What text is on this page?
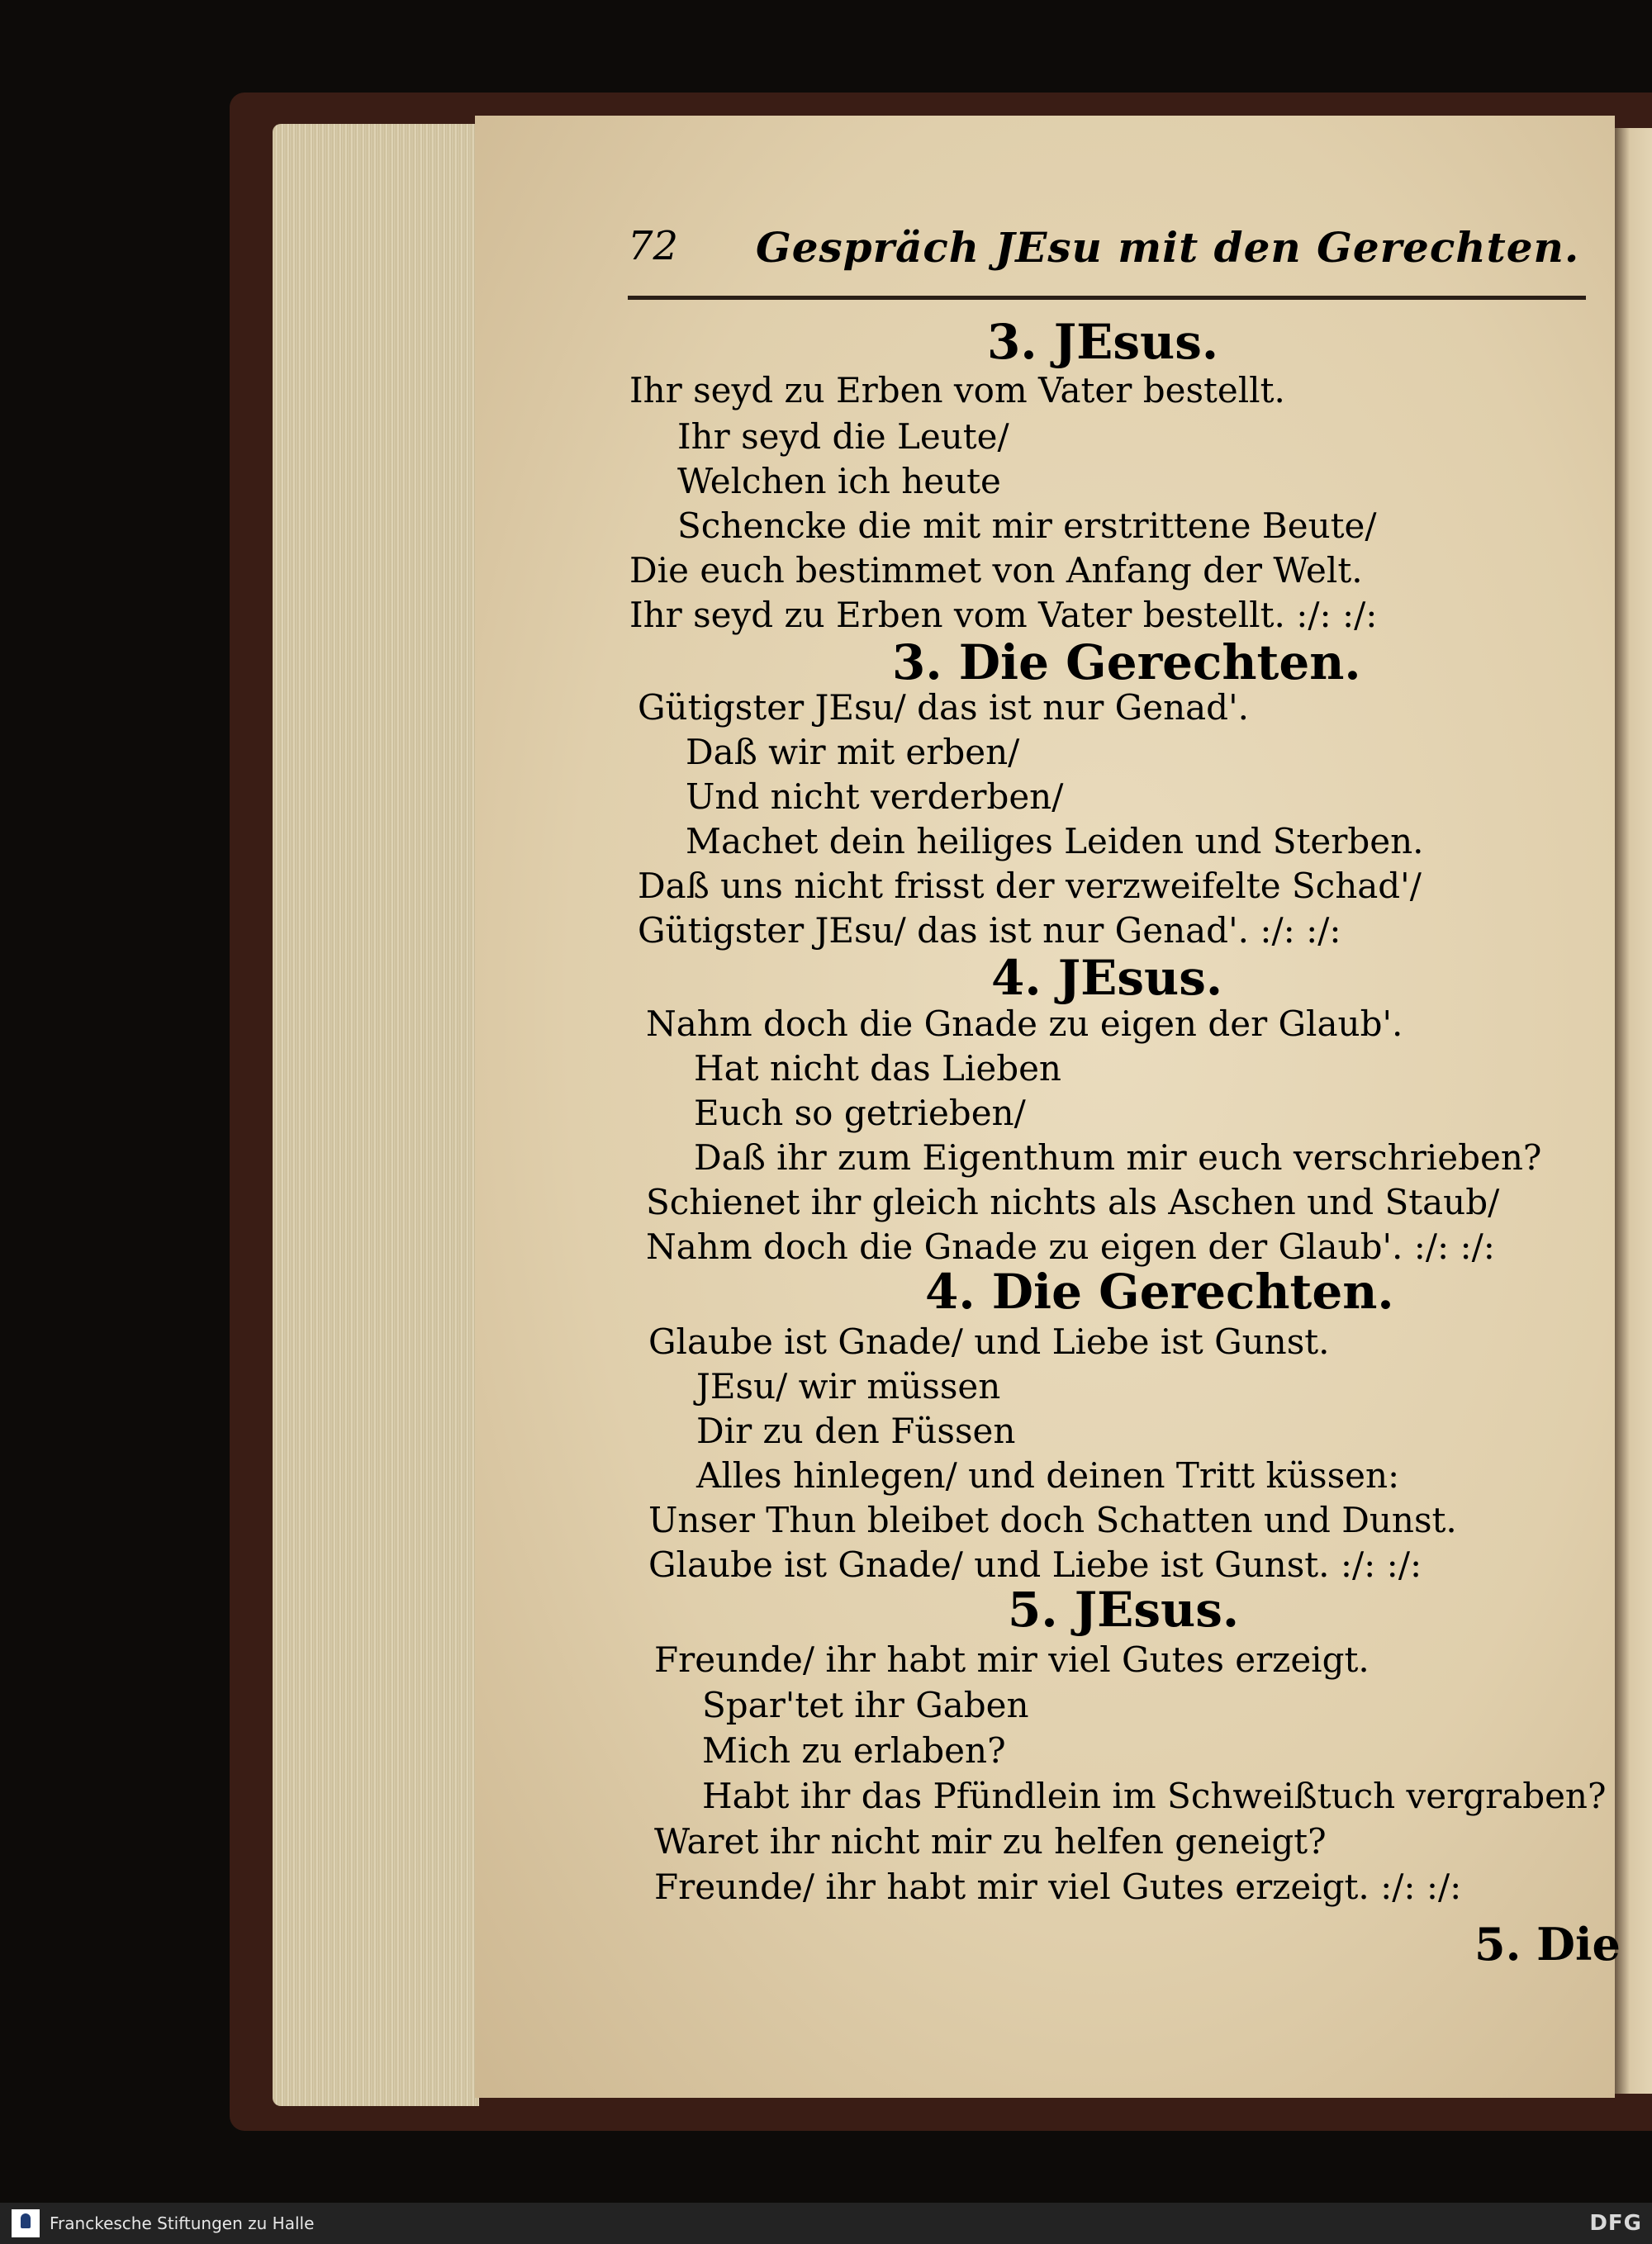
72 Gespräch JEsu mit den Gerechten.
3. JEsus.
Ihr seyd zu Erben vom Vater bestellt.
Ihr seyd die Leute/
Welchen ich heute
Schencke die mit mir erstrittene Beute/
Die euch bestimmet von Anfang der Welt.
Ihr seyd zu Erben vom Vater bestellt. :/: :/:
3. Die Gerechten.
Gütigster JEsu/ das ist nur Genad'.
Daß wir mit erben/
Und nicht verderben/
Machet dein heiliges Leiden und Sterben.
Daß uns nicht frisst der verzweifelte Schad'/
Gütigster JEsu/ das ist nur Genad'. :/: :/:
4. JEsus.
Nahm doch die Gnade zu eigen der Glaub'.
Hat nicht das Lieben
Euch so getrieben/
Daß ihr zum Eigenthum mir euch verschrieben?
Schienet ihr gleich nichts als Aschen und Staub/
Nahm doch die Gnade zu eigen der Glaub'. :/: :/:
4. Die Gerechten.
Glaube ist Gnade/ und Liebe ist Gunst.
JEsu/ wir müssen
Dir zu den Füssen
Alles hinlegen/ und deinen Tritt küssen:
Unser Thun bleibet doch Schatten und Dunst.
Glaube ist Gnade/ und Liebe ist Gunst. :/: :/:
5. JEsus.
Freunde/ ihr habt mir viel Gutes erzeigt.
Spar'tet ihr Gaben
Mich zu erlaben?
Habt ihr das Pfündlein im Schweißtuch vergraben?
Waret ihr nicht mir zu helfen geneigt?
Freunde/ ihr habt mir viel Gutes erzeigt. :/: :/:
5. Die
Franckesche Stiftungen zu Halle	DFG
